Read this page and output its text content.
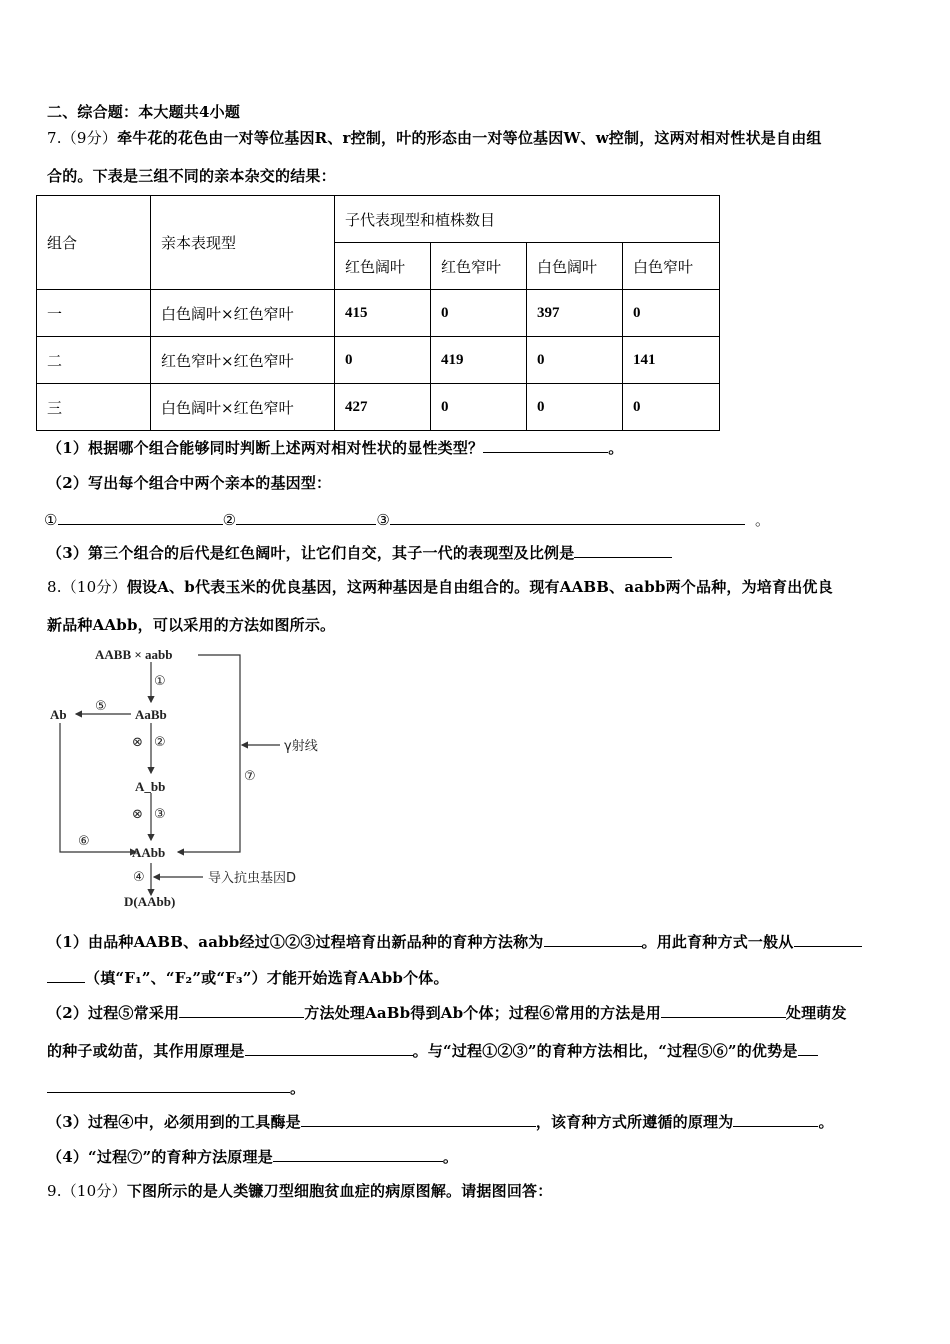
二、综合题：本大题共4小题
7.（9分）牵牛花的花色由一对等位基因R、r控制，叶的形态由一对等位基因W、w控制，这两对相对性状是自由组
合的。下表是三组不同的亲本杂交的结果：
组合	亲本表现型	子代表现型和植株数目			
		红色阔叶	红色窄叶	白色阔叶	白色窄叶
一	白色阔叶×红色窄叶	415	0	397	0
二	红色窄叶×红色窄叶	0	419	0	141
三	白色阔叶×红色窄叶	427	0	0	0
（1）根据哪个组合能够同时判断上述两对相对性状的显性类型？	。
（2）写出每个组合中两个亲本的基因型：
①	②	③	。
（3）第三个组合的后代是红色阔叶，让它们自交，其子一代的表现型及比例是
8.（10分）假设A、b代表玉米的优良基因，这两种基因是自由组合的。现有AABB、aabb两个品种，为培育出优良
新品种AAbb，可以采用的方法如图所示。
AABB × aabb
AaBb
Ab
A_bb
AAbb
D(AAbb)
γ射线
导入抗虫基因D
①
②
③
④
⑤
⑥
⑦
⊗
⊗
（1）由品种AABB、aabb经过①②③过程培育出新品种的育种方法称为	。用此育种方式一般从
（填“F₁”、“F₂”或“F₃”）才能开始选育AAbb个体。
（2）过程⑤常采用	方法处理AaBb得到Ab个体；过程⑥常用的方法是用	处理萌发
的种子或幼苗，其作用原理是	。与“过程①②③”的育种方法相比，“过程⑤⑥”的优势是
。
（3）过程④中，必须用到的工具酶是	，该育种方式所遵循的原理为	。
（4）“过程⑦”的育种方法原理是	。
9.（10分）下图所示的是人类镰刀型细胞贫血症的病原图解。请据图回答：
